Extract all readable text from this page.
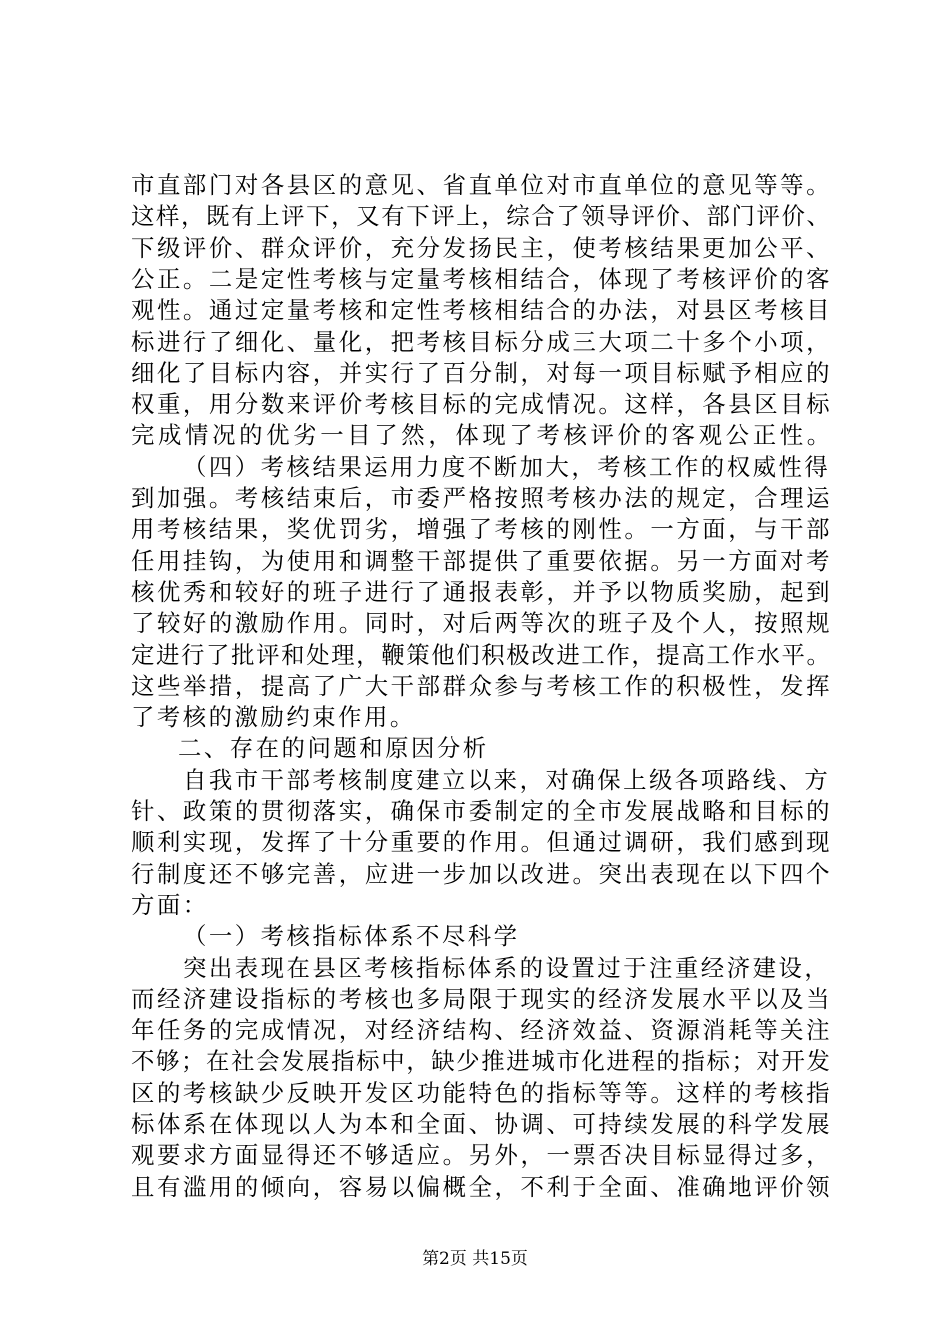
市直部门对各县区的意见、省直单位对市直单位的意见等等。
这样，既有上评下，又有下评上，综合了领导评价、部门评价、
下级评价、群众评价，充分发扬民主，使考核结果更加公平、
公正。二是定性考核与定量考核相结合，体现了考核评价的客
观性。通过定量考核和定性考核相结合的办法，对县区考核目
标进行了细化、量化，把考核目标分成三大项二十多个小项，
细化了目标内容，并实行了百分制，对每一项目标赋予相应的
权重，用分数来评价考核目标的完成情况。这样，各县区目标
完成情况的优劣一目了然，体现了考核评价的客观公正性。
（四）考核结果运用力度不断加大，考核工作的权威性得
到加强。考核结束后，市委严格按照考核办法的规定，合理运
用考核结果，奖优罚劣，增强了考核的刚性。一方面，与干部
任用挂钩，为使用和调整干部提供了重要依据。另一方面对考
核优秀和较好的班子进行了通报表彰，并予以物质奖励，起到
了较好的激励作用。同时，对后两等次的班子及个人，按照规
定进行了批评和处理，鞭策他们积极改进工作，提高工作水平。
这些举措，提高了广大干部群众参与考核工作的积极性，发挥
了考核的激励约束作用。
二、存在的问题和原因分析
自我市干部考核制度建立以来，对确保上级各项路线、方
针、政策的贯彻落实，确保市委制定的全市发展战略和目标的
顺利实现，发挥了十分重要的作用。但通过调研，我们感到现
行制度还不够完善，应进一步加以改进。突出表现在以下四个
方面：
（一）考核指标体系不尽科学
突出表现在县区考核指标体系的设置过于注重经济建设，
而经济建设指标的考核也多局限于现实的经济发展水平以及当
年任务的完成情况，对经济结构、经济效益、资源消耗等关注
不够；在社会发展指标中，缺少推进城市化进程的指标；对开发
区的考核缺少反映开发区功能特色的指标等等。这样的考核指
标体系在体现以人为本和全面、协调、可持续发展的科学发展
观要求方面显得还不够适应。另外，一票否决目标显得过多，
且有滥用的倾向，容易以偏概全，不利于全面、准确地评价领
第2页 共15页
